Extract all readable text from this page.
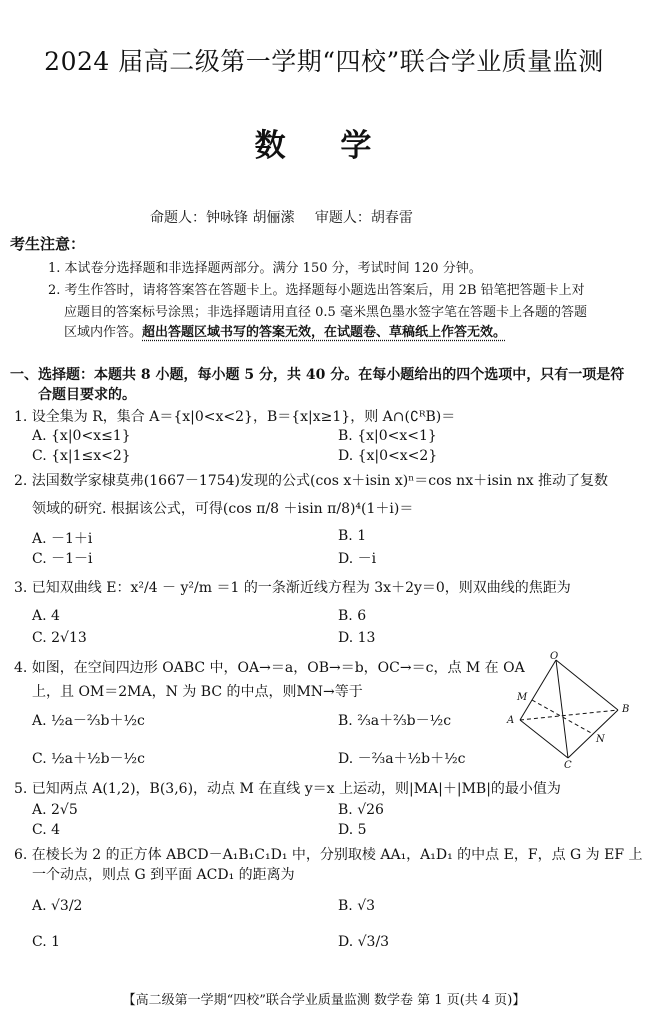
2024 届高二级第一学期“四校”联合学业质量监测
数 学
命题人：钟咏锋 胡俪潆 审题人：胡春雷
考生注意：
1. 本试卷分选择题和非选择题两部分。满分 150 分，考试时间 120 分钟。
2. 考生作答时，请将答案答在答题卡上。选择题每小题选出答案后，用 2B 铅笔把答题卡上对
应题目的答案标号涂黑；非选择题请用直径 0.5 毫米黑色墨水签字笔在答题卡上各题的答题
区域内作答。超出答题区域书写的答案无效，在试题卷、草稿纸上作答无效。
一、选择题：本题共 8 小题，每小题 5 分，共 40 分。在每小题给出的四个选项中，只有一项是符
合题目要求的。
1. 设全集为 R，集合 A＝{x|0<x<2}，B＝{x|x≥1}，则 A∩(∁ᴿB)＝
A. {x|0<x≤1}	B. {x|0<x<1}
C. {x|1≤x<2}	D. {x|0<x<2}
2. 法国数学家棣莫弗(1667－1754)发现的公式(cos x＋isin x)ⁿ＝cos nx＋isin nx 推动了复数
领域的研究. 根据该公式，可得(cos π/8 ＋isin π/8)⁴(1＋i)＝
A. －1＋i	B. 1
C. －1－i	D. －i
3. 已知双曲线 E：x²/4 － y²/m ＝1 的一条渐近线方程为 3x＋2y＝0，则双曲线的焦距为
A. 4	B. 6
C. 2√13	D. 13
4. 如图，在空间四边形 OABC 中，OA→＝a，OB→＝b，OC→＝c，点 M 在 OA
上，且 OM＝2MA，N 为 BC 的中点，则MN→等于
A. ½a－⅔b＋½c	B. ⅔a＋⅔b－½c
C. ½a＋½b－½c	D. －⅔a＋½b＋½c
O
M
A
B
N
C
5. 已知两点 A(1,2)，B(3,6)，动点 M 在直线 y＝x 上运动，则|MA|＋|MB|的最小值为
A. 2√5	B. √26
C. 4	D. 5
6. 在棱长为 2 的正方体 ABCD－A₁B₁C₁D₁ 中，分别取棱 AA₁，A₁D₁ 的中点 E，F，点 G 为 EF 上
一个动点，则点 G 到平面 ACD₁ 的距离为
A. √3/2	B. √3
C. 1	D. √3/3
【高二级第一学期“四校”联合学业质量监测 数学卷 第 1 页(共 4 页)】
